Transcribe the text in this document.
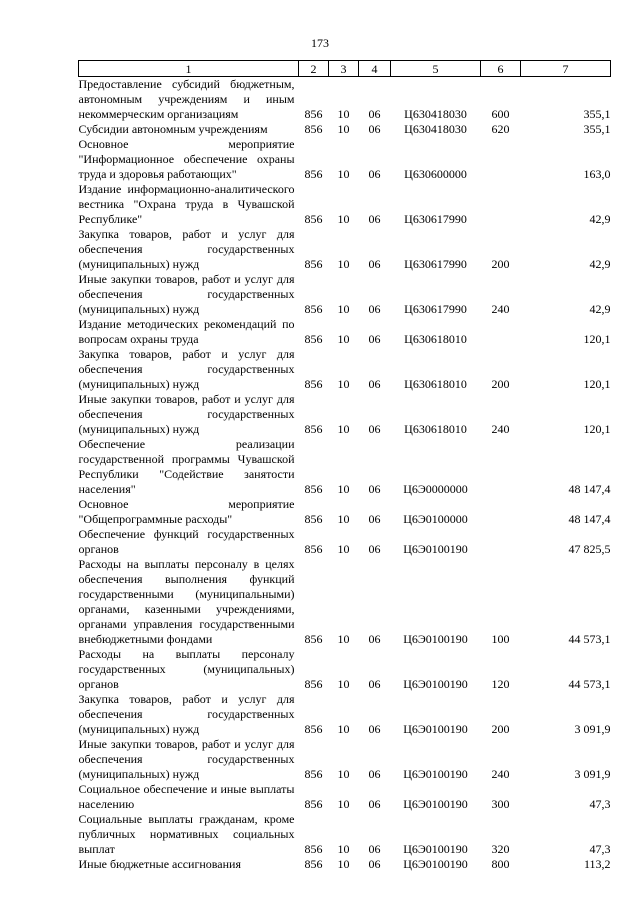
173
1	2	3	4	5	6	7
Предоставление субсидий бюджетным, автономным учреждениям и иным некоммерческим организациям	856	10	06	Ц630418030	600	355,1
Субсидии автономным учреждениям	856	10	06	Ц630418030	620	355,1
Основное мероприятие "Информационное обеспечение охраны труда и здоровья работающих"	856	10	06	Ц630600000		163,0
Издание информационно-аналитического вестника "Охрана труда в Чувашской Республике"	856	10	06	Ц630617990		42,9
Закупка товаров, работ и услуг для обеспечения государственных (муниципальных) нужд	856	10	06	Ц630617990	200	42,9
Иные закупки товаров, работ и услуг для обеспечения государственных (муниципальных) нужд	856	10	06	Ц630617990	240	42,9
Издание методических рекомендаций по вопросам охраны труда	856	10	06	Ц630618010		120,1
Закупка товаров, работ и услуг для обеспечения государственных (муниципальных) нужд	856	10	06	Ц630618010	200	120,1
Иные закупки товаров, работ и услуг для обеспечения государственных (муниципальных) нужд	856	10	06	Ц630618010	240	120,1
Обеспечение реализации государственной программы Чувашской Республики "Содействие занятости населения"	856	10	06	Ц6Э0000000		48 147,4
Основное мероприятие "Общепрограммные расходы"	856	10	06	Ц6Э0100000		48 147,4
Обеспечение функций государственных органов	856	10	06	Ц6Э0100190		47 825,5
Расходы на выплаты персоналу в целях обеспечения выполнения функций государственными (муниципальными) органами, казенными учреждениями, органами управления государственными внебюджетными фондами	856	10	06	Ц6Э0100190	100	44 573,1
Расходы на выплаты персоналу государственных (муниципальных) органов	856	10	06	Ц6Э0100190	120	44 573,1
Закупка товаров, работ и услуг для обеспечения государственных (муниципальных) нужд	856	10	06	Ц6Э0100190	200	3 091,9
Иные закупки товаров, работ и услуг для обеспечения государственных (муниципальных) нужд	856	10	06	Ц6Э0100190	240	3 091,9
Социальное обеспечение и иные выплаты населению	856	10	06	Ц6Э0100190	300	47,3
Социальные выплаты гражданам, кроме публичных нормативных социальных выплат	856	10	06	Ц6Э0100190	320	47,3
Иные бюджетные ассигнования	856	10	06	Ц6Э0100190	800	113,2
